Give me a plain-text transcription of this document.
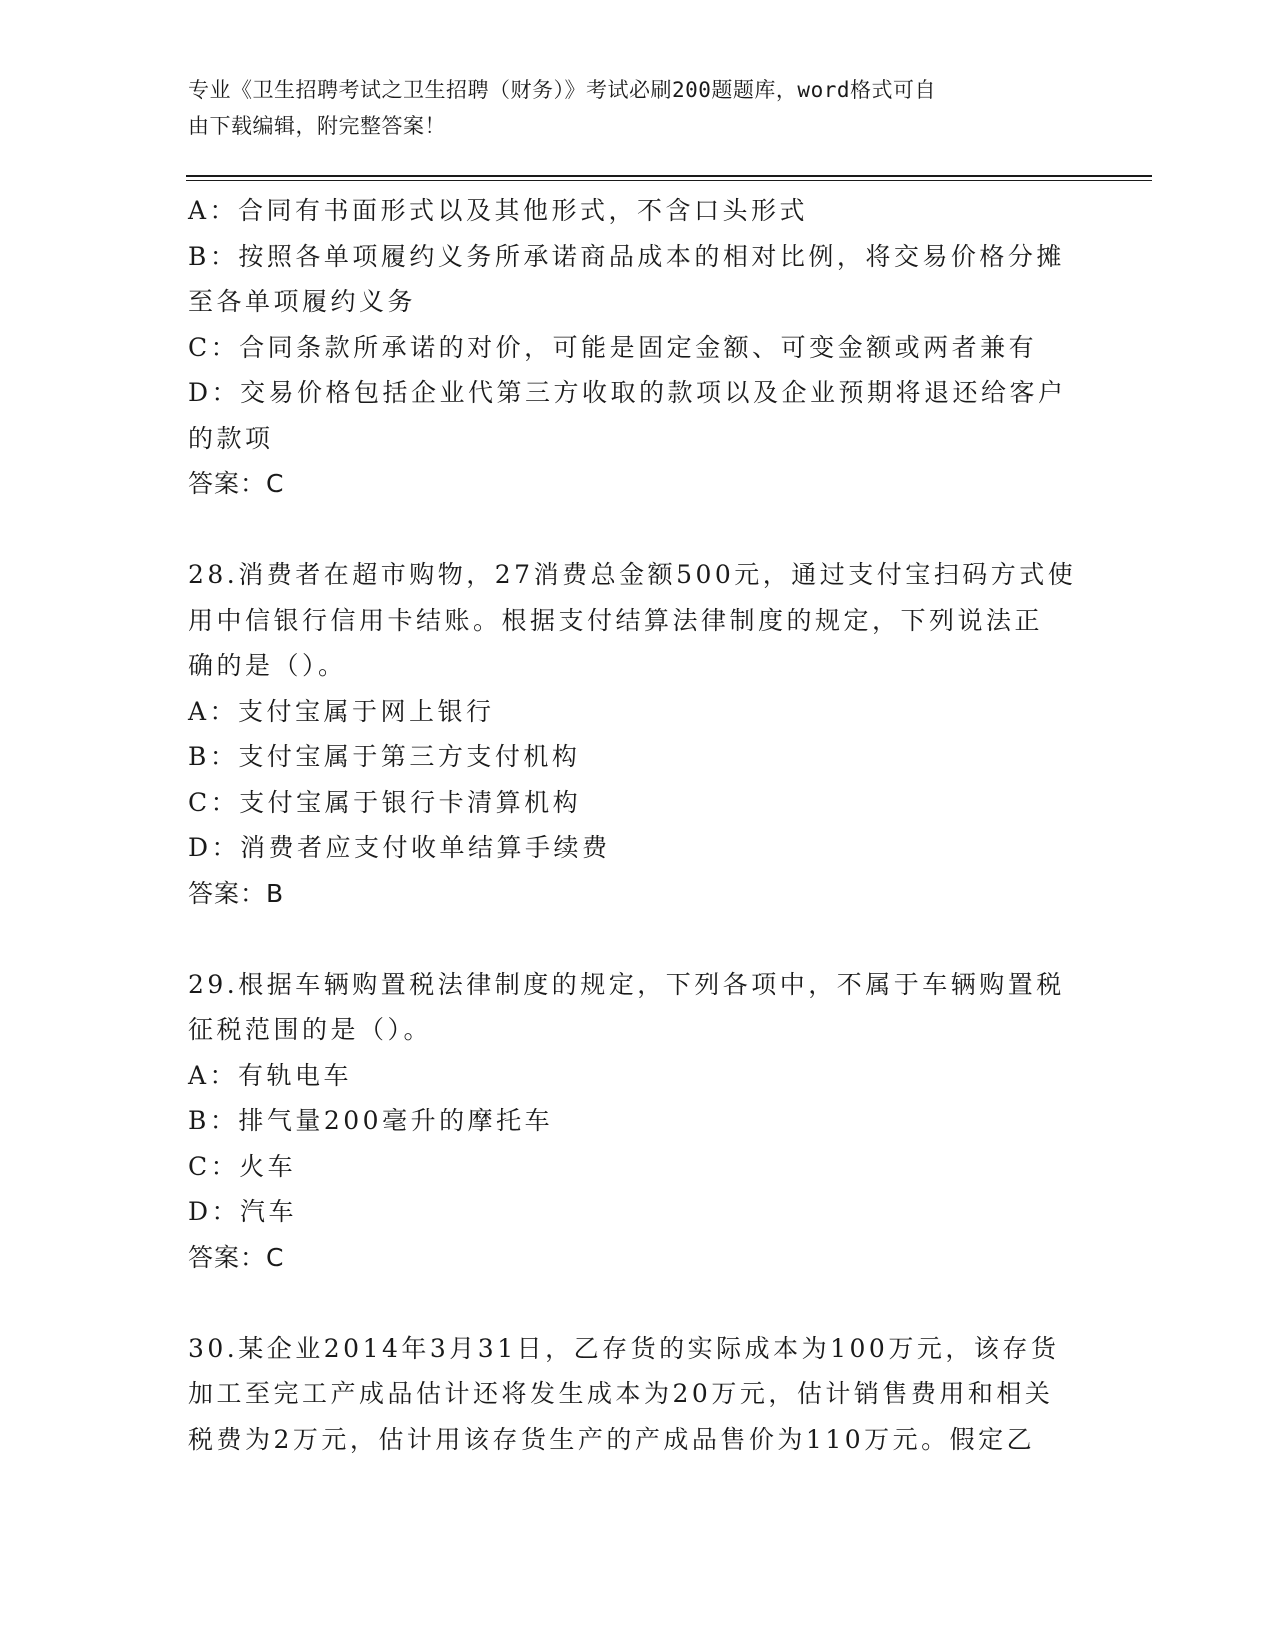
专业《卫生招聘考试之卫生招聘（财务）》考试必刷200题题库，word格式可自
由下载编辑，附完整答案！
A：合同有书面形式以及其他形式，不含口头形式
B：按照各单项履约义务所承诺商品成本的相对比例，将交易价格分摊
至各单项履约义务
C：合同条款所承诺的对价，可能是固定金额、可变金额或两者兼有
D：交易价格包括企业代第三方收取的款项以及企业预期将退还给客户
的款项
答案：C
28.消费者在超市购物，27消费总金额500元，通过支付宝扫码方式使
用中信银行信用卡结账。根据支付结算法律制度的规定，下列说法正
确的是（）。
A：支付宝属于网上银行
B：支付宝属于第三方支付机构
C：支付宝属于银行卡清算机构
D：消费者应支付收单结算手续费
答案：B
29.根据车辆购置税法律制度的规定，下列各项中，不属于车辆购置税
征税范围的是（）。
A：有轨电车
B：排气量200毫升的摩托车
C：火车
D：汽车
答案：C
30.某企业2014年3月31日，乙存货的实际成本为100万元，该存货
加工至完工产成品估计还将发生成本为20万元，估计销售费用和相关
税费为2万元，估计用该存货生产的产成品售价为110万元。假定乙
